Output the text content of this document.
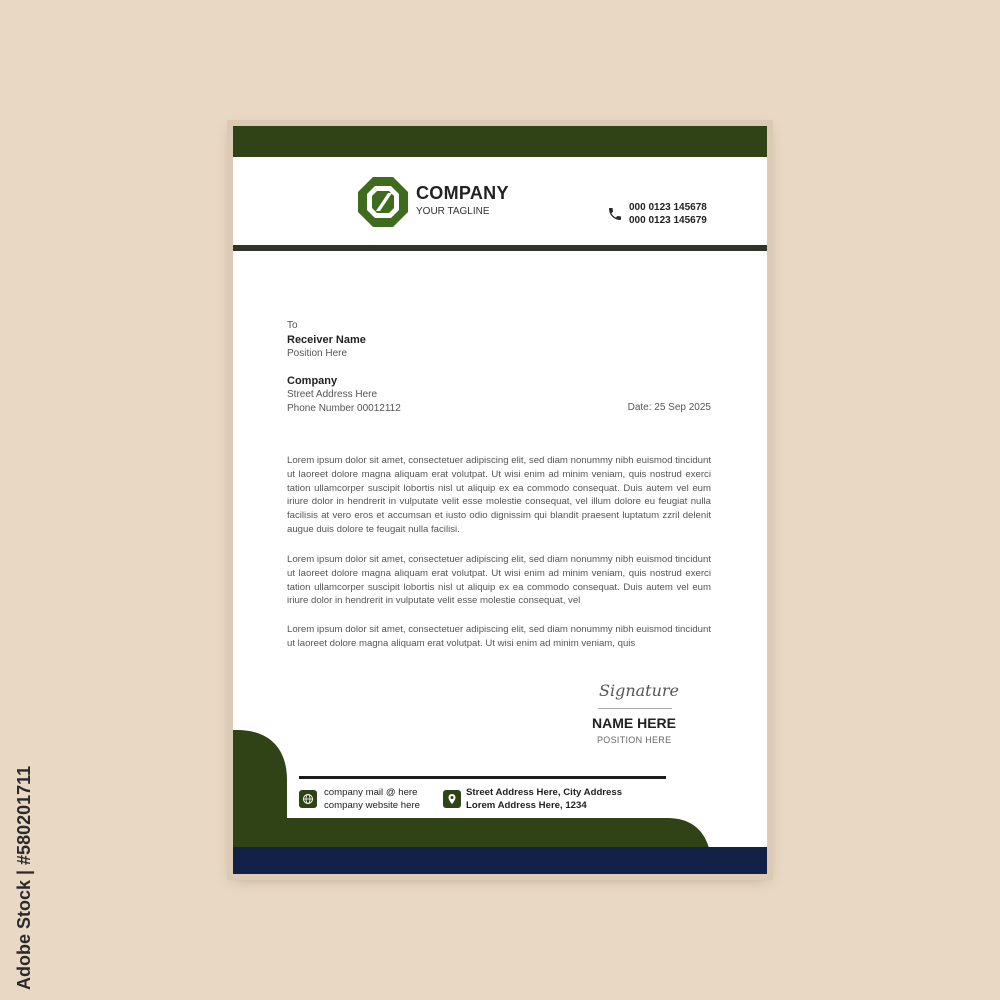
Adobe Stock | #580201711
COMPANY
YOUR TAGLINE	000 0123 145678
000 0123 145679
To
Receiver Name
Position Here
Company
Street Address Here
Phone Number 00012112	Date: 25 Sep 2025

Lorem ipsum dolor sit amet, consectetuer adipiscing elit, sed diam nonummy nibh euismod tincidunt ut laoreet dolore magna aliquam erat volutpat. Ut wisi enim ad minim veniam, quis nostrud exerci tation ullamcorper suscipit lobortis nisl ut aliquip ex ea commodo consequat. Duis autem vel eum iriure dolor in hendrerit in vulputate velit esse molestie consequat, vel illum dolore eu feugiat nulla facilisis at vero eros et accumsan et iusto odio dignissim qui blandit praesent luptatum zzril delenit augue duis dolore te feugait nulla facilisi.

Lorem ipsum dolor sit amet, consectetuer adipiscing elit, sed diam nonummy nibh euismod tincidunt ut laoreet dolore magna aliquam erat volutpat. Ut wisi enim ad minim veniam, quis nostrud exerci tation ullamcorper suscipit lobortis nisl ut aliquip ex ea commodo consequat. Duis autem vel eum iriure dolor in hendrerit in vulputate velit esse molestie consequat, vel

Lorem ipsum dolor sit amet, consectetuer adipiscing elit, sed diam nonummy nibh euismod tincidunt ut laoreet dolore magna aliquam erat volutpat. Ut wisi enim ad minim veniam, quis

Signature
NAME HERE
POSITION HERE
company mail @ here
company website here
Street Address Here, City Address
Lorem Address Here, 1234
